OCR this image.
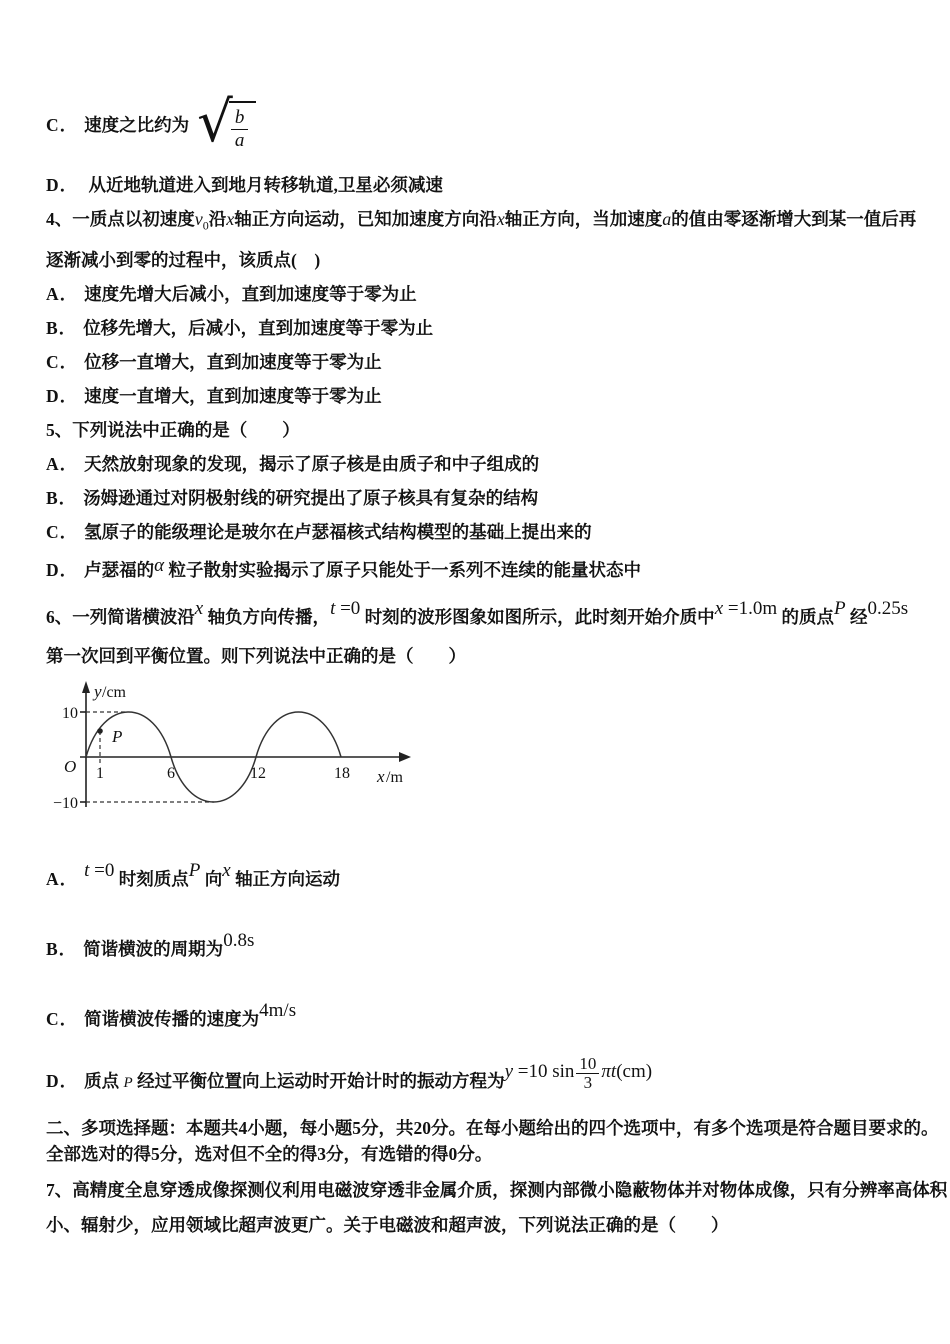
C． 速度之比约为 √
$\frac{b}{a}$

D． 从近地轨道进入到地月转移轨道,卫星必须减速

4、一质点以初速度$v_0$沿x轴正方向运动，已知加速度方向沿x轴正方向，当加速度a的值由零逐渐增大到某一值后再

逐渐减小到零的过程中，该质点(　)

A． 速度先增大后减小，直到加速度等于零为止

B． 位移先增大，后减小，直到加速度等于零为止

C． 位移一直增大，直到加速度等于零为止

D． 速度一直增大，直到加速度等于零为止

5、下列说法中正确的是（　　）

A． 天然放射现象的发现，揭示了原子核是由质子和中子组成的

B． 汤姆逊通过对阴极射线的研究提出了原子核具有复杂的结构

C． 氢原子的能级理论是玻尔在卢瑟福核式结构模型的基础上提出来的

D． 卢瑟福的α 粒子散射实验揭示了原子只能处于一系列不连续的能量状态中

6、一列简谐横波沿x 轴负方向传播，t =0 时刻的波形图象如图所示，此时刻开始介质中x =1.0m 的质点P 经0.25s

第一次回到平衡位置。则下列说法中正确的是（　　）

10
−10
O 1	6	12	18
P
y /cm
x /m

A． t =0 时刻质点P 向x 轴正方向运动

B． 简谐横波的周期为0.8s

C． 简谐横波传播的速度为4m/s

D． 质点 P 经过平衡位置向上运动时开始计时的振动方程为y =10 $\sin \frac{10}{3} \pi t(cm)$

二、多项选择题：本题共4小题，每小题5分，共20分。在每小题给出的四个选项中，有多个选项是符合题目要求的。

全部选对的得5分，选对但不全的得3分，有选错的得0分。

7、高精度全息穿透成像探测仪利用电磁波穿透非金属介质，探测内部微小隐蔽物体并对物体成像，只有分辨率高体积

小、辐射少，应用领域比超声波更广。关于电磁波和超声波，下列说法正确的是（　　）
